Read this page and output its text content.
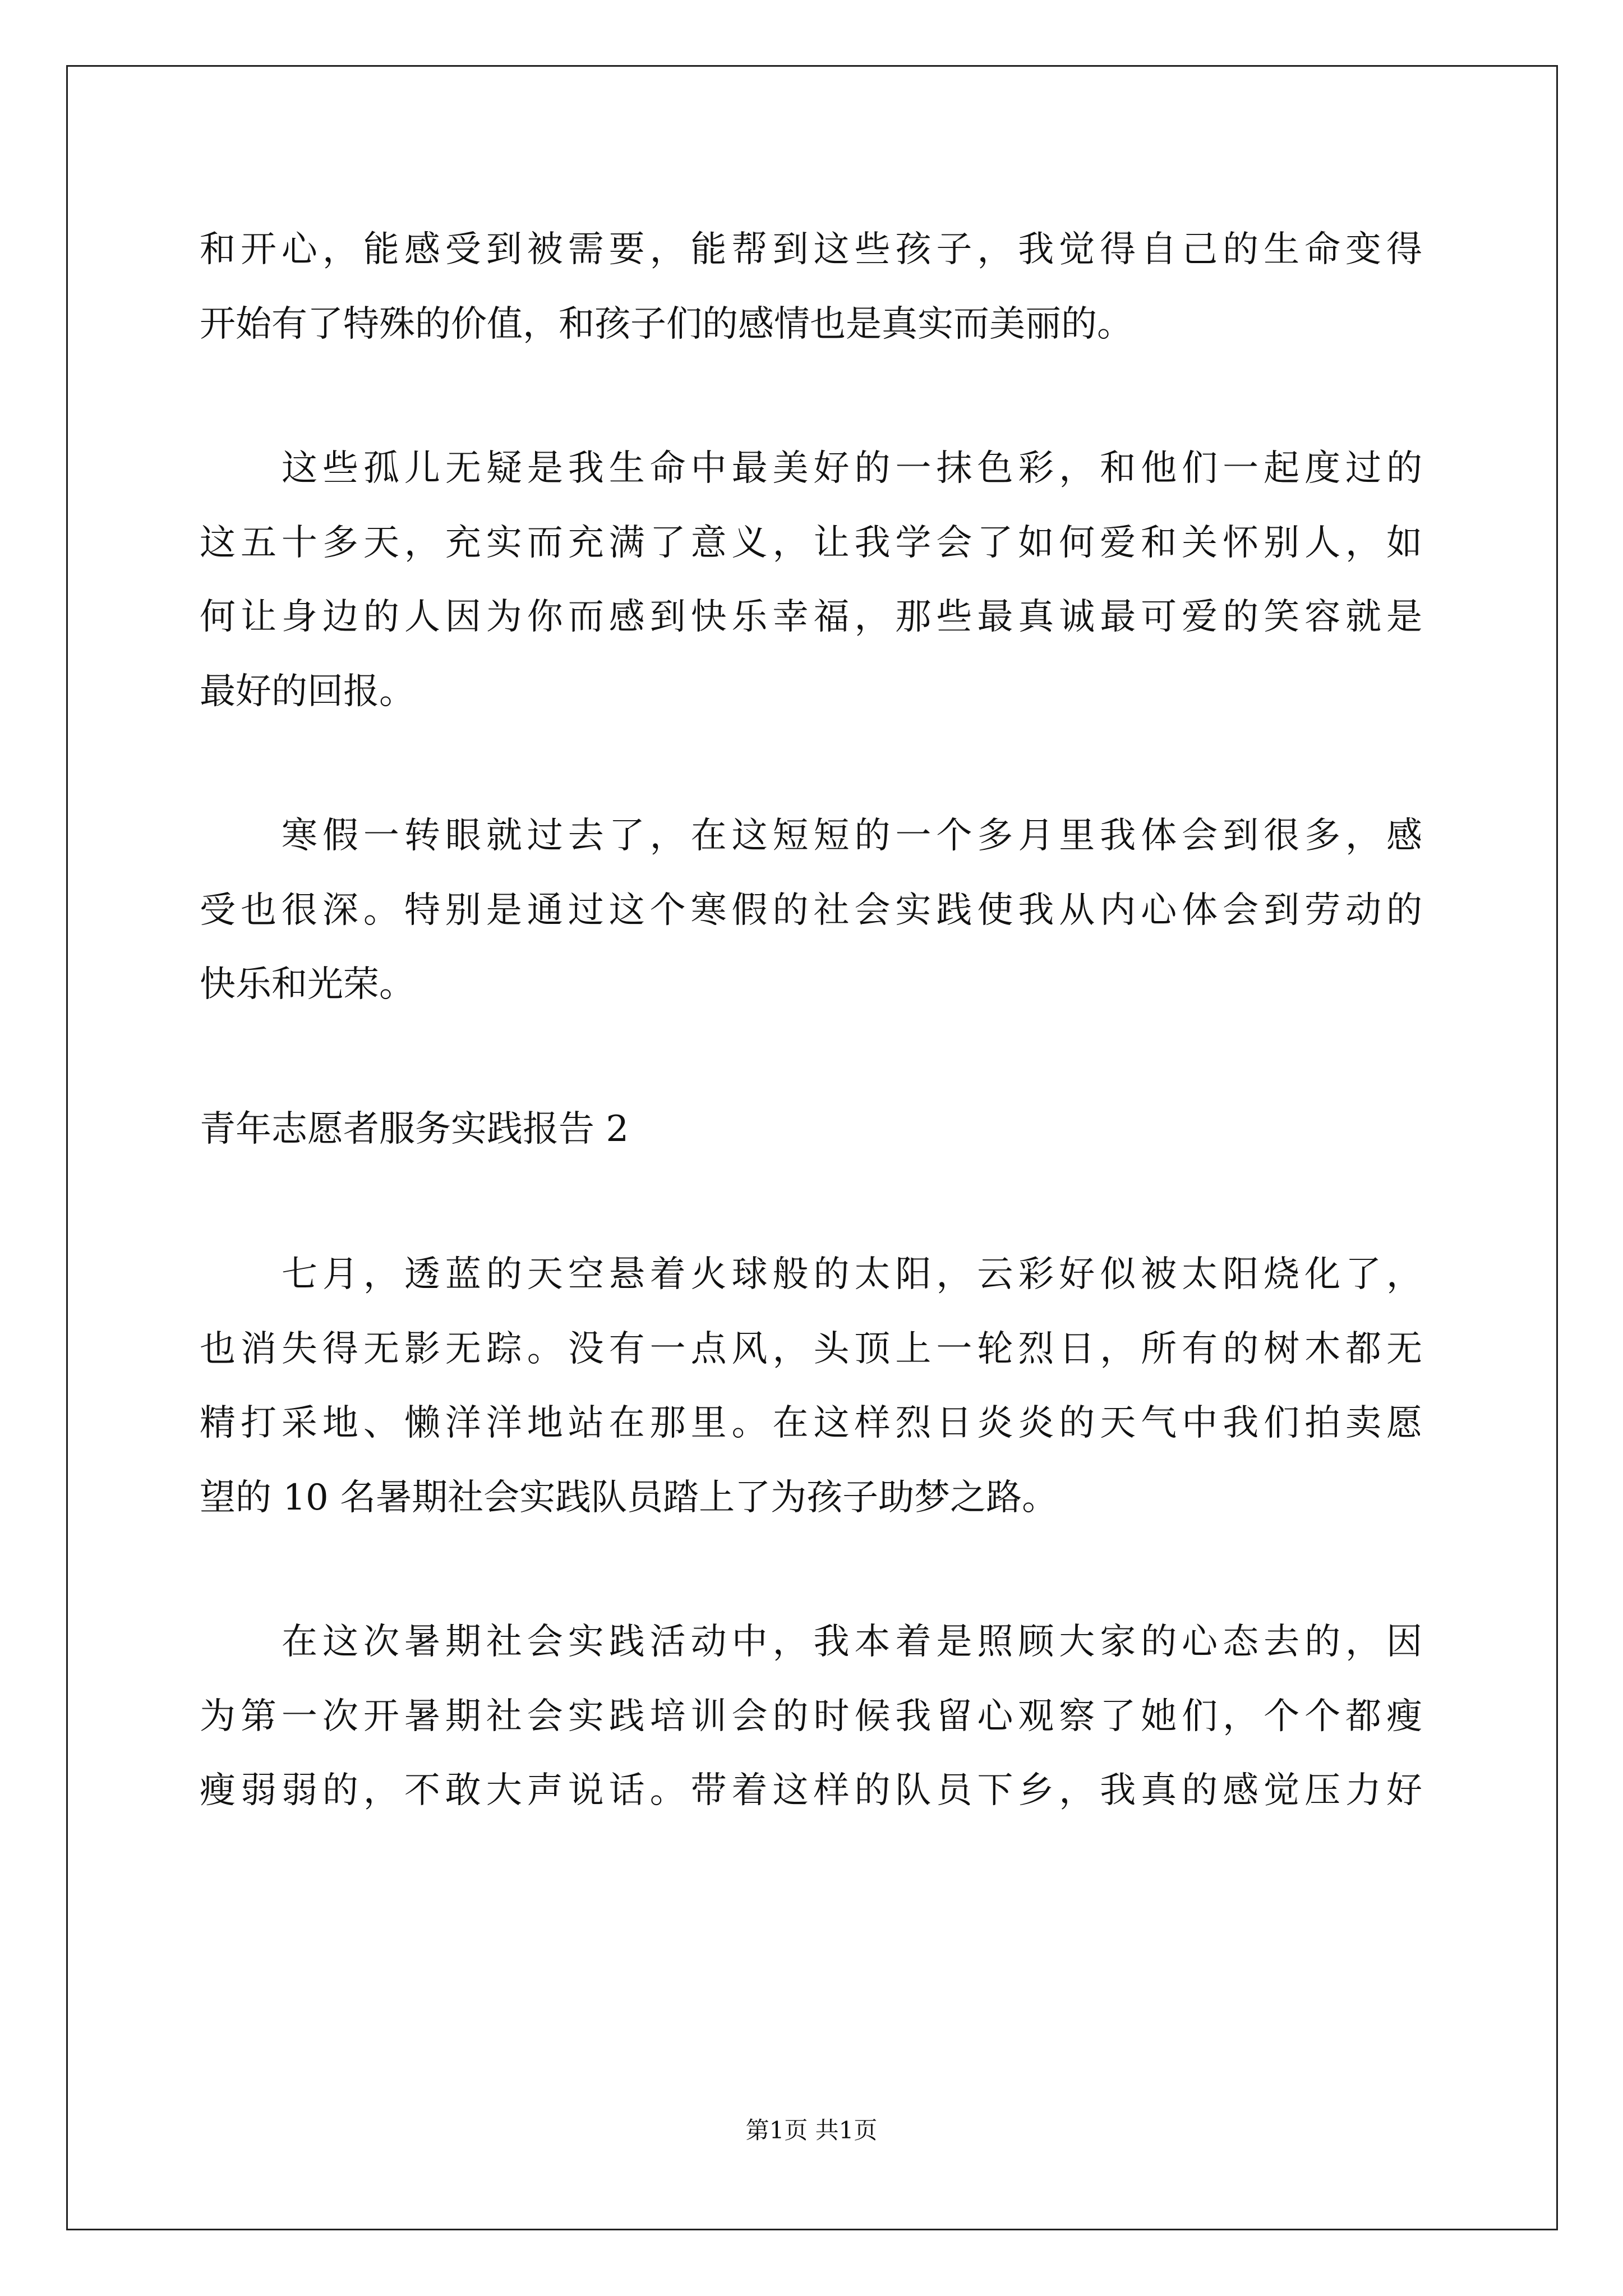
和开心，能感受到被需要，能帮到这些孩子，我觉得自己的生命变得
开始有了特殊的价值，和孩子们的感情也是真实而美丽的。
这些孤儿无疑是我生命中最美好的一抹色彩，和他们一起度过的
这五十多天，充实而充满了意义，让我学会了如何爱和关怀别人，如
何让身边的人因为你而感到快乐幸福，那些最真诚最可爱的笑容就是
最好的回报。
寒假一转眼就过去了，在这短短的一个多月里我体会到很多，感
受也很深。特别是通过这个寒假的社会实践使我从内心体会到劳动的
快乐和光荣。
青年志愿者服务实践报告 2
七月，透蓝的天空悬着火球般的太阳，云彩好似被太阳烧化了，
也消失得无影无踪。没有一点风，头顶上一轮烈日，所有的树木都无
精打采地、懒洋洋地站在那里。在这样烈日炎炎的天气中我们拍卖愿
望的 10 名暑期社会实践队员踏上了为孩子助梦之路。
在这次暑期社会实践活动中，我本着是照顾大家的心态去的，因
为第一次开暑期社会实践培训会的时候我留心观察了她们，个个都瘦
瘦弱弱的，不敢大声说话。带着这样的队员下乡，我真的感觉压力好
第1页 共1页
